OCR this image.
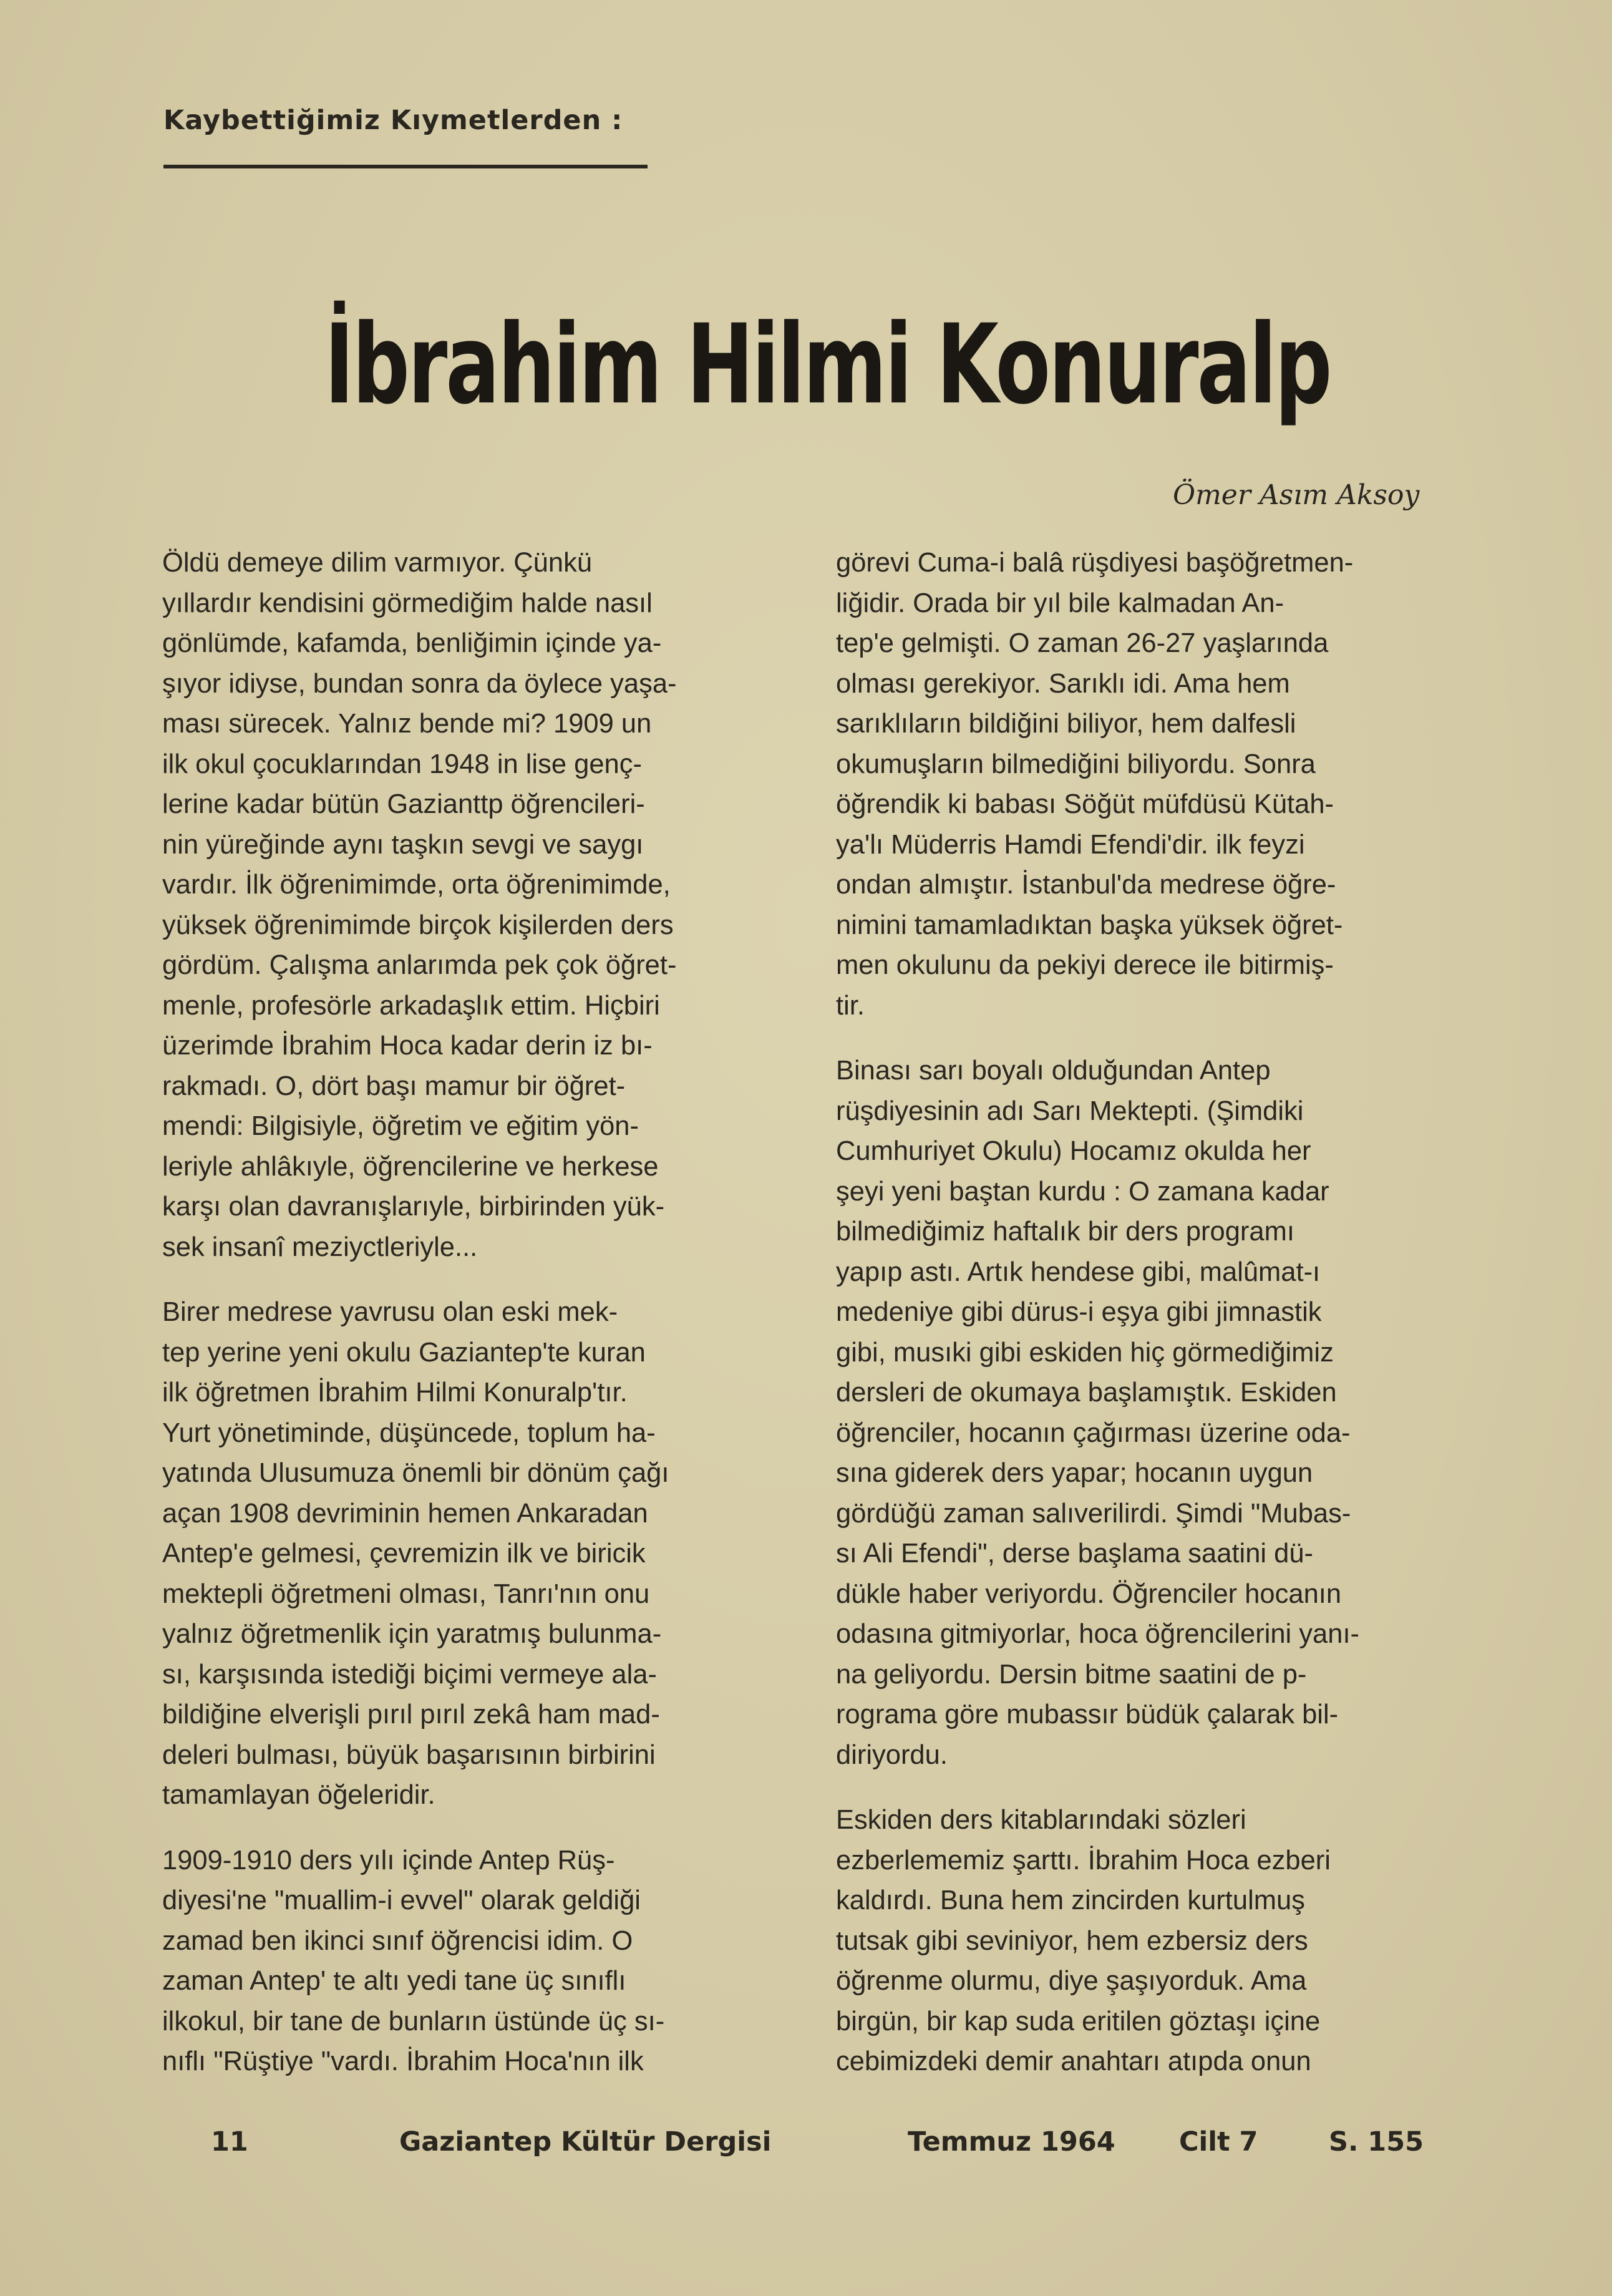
Kaybettiğimiz Kıymetlerden :
İbrahim Hilmi Konuralp
Ömer Asım Aksoy

Öldü demeye dilim varmıyor. Çünkü
yıllardır kendisini görmediğim halde nasıl
gönlümde, kafamda, benliğimin içinde ya-
şıyor idiyse, bundan sonra da öylece yaşa-
ması sürecek. Yalnız bende mi? 1909 un
ilk okul çocuklarından 1948 in lise genç-
lerine kadar bütün Gazianttp öğrencileri-
nin yüreğinde aynı taşkın sevgi ve saygı
vardır. İlk öğrenimimde, orta öğrenimimde,
yüksek öğrenimimde birçok kişilerden ders
gördüm. Çalışma anlarımda pek çok öğret-
menle, profesörle arkadaşlık ettim. Hiçbiri
üzerimde İbrahim Hoca kadar derin iz bı-
rakmadı. O, dört başı mamur bir öğret-
mendi: Bilgisiyle, öğretim ve eğitim yön-
leriyle ahlâkıyle, öğrencilerine ve herkese
karşı olan davranışlarıyle, birbirinden yük-
sek insanî meziyctleriyle...

Birer medrese yavrusu olan eski mek-
tep yerine yeni okulu Gaziantep'te kuran
ilk öğretmen İbrahim Hilmi Konuralp'tır.
Yurt yönetiminde, düşüncede, toplum ha-
yatında Ulusumuza önemli bir dönüm çağı
açan 1908 devriminin hemen Ankaradan
Antep'e gelmesi, çevremizin ilk ve biricik
mektepli öğretmeni olması, Tanrı'nın onu
yalnız öğretmenlik için yaratmış bulunma-
sı, karşısında istediği biçimi vermeye ala-
bildiğine elverişli pırıl pırıl zekâ ham mad-
deleri bulması, büyük başarısının birbirini
tamamlayan öğeleridir.

1909-1910 ders yılı içinde Antep Rüş-
diyesi'ne "muallim-i evvel" olarak geldiği
zamad ben ikinci sınıf öğrencisi idim. O
zaman Antep' te altı yedi tane üç sınıflı
ilkokul, bir tane de bunların üstünde üç sı-
nıflı "Rüştiye "vardı. İbrahim Hoca'nın ilk

görevi Cuma-i balâ rüşdiyesi başöğretmen-
liğidir. Orada bir yıl bile kalmadan An-
tep'e gelmişti. O zaman 26-27 yaşlarında
olması gerekiyor. Sarıklı idi. Ama hem
sarıklıların bildiğini biliyor, hem dalfesli
okumuşların bilmediğini biliyordu. Sonra
öğrendik ki babası Söğüt müfdüsü Kütah-
ya'lı Müderris Hamdi Efendi'dir. ilk feyzi
ondan almıştır. İstanbul'da medrese öğre-
nimini tamamladıktan başka yüksek öğret-
men okulunu da pekiyi derece ile bitirmiş-
tir.

Binası sarı boyalı olduğundan Antep
rüşdiyesinin adı Sarı Mektepti. (Şimdiki
Cumhuriyet Okulu) Hocamız okulda her
şeyi yeni baştan kurdu : O zamana kadar
bilmediğimiz haftalık bir ders programı
yapıp astı. Artık hendese gibi, malûmat-ı
medeniye gibi dürus-i eşya gibi jimnastik
gibi, musıki gibi eskiden hiç görmediğimiz
dersleri de okumaya başlamıştık. Eskiden
öğrenciler, hocanın çağırması üzerine oda-
sına giderek ders yapar; hocanın uygun
gördüğü zaman salıverilirdi. Şimdi "Mubas-
sı Ali Efendi", derse başlama saatini dü-
dükle haber veriyordu. Öğrenciler hocanın
odasına gitmiyorlar, hoca öğrencilerini yanı-
na geliyordu. Dersin bitme saatini de p-
rograma göre mubassır büdük çalarak bil-
diriyordu.

Eskiden ders kitablarındaki sözleri
ezberlememiz şarttı. İbrahim Hoca ezberi
kaldırdı. Buna hem zincirden kurtulmuş
tutsak gibi seviniyor, hem ezbersiz ders
öğrenme olurmu, diye şaşıyorduk. Ama
birgün, bir kap suda eritilen göztaşı içine
cebimizdeki demir anahtarı atıpda onun

11	Gaziantep Kültür Dergisi	Temmuz 1964 Cilt 7	S. 155
